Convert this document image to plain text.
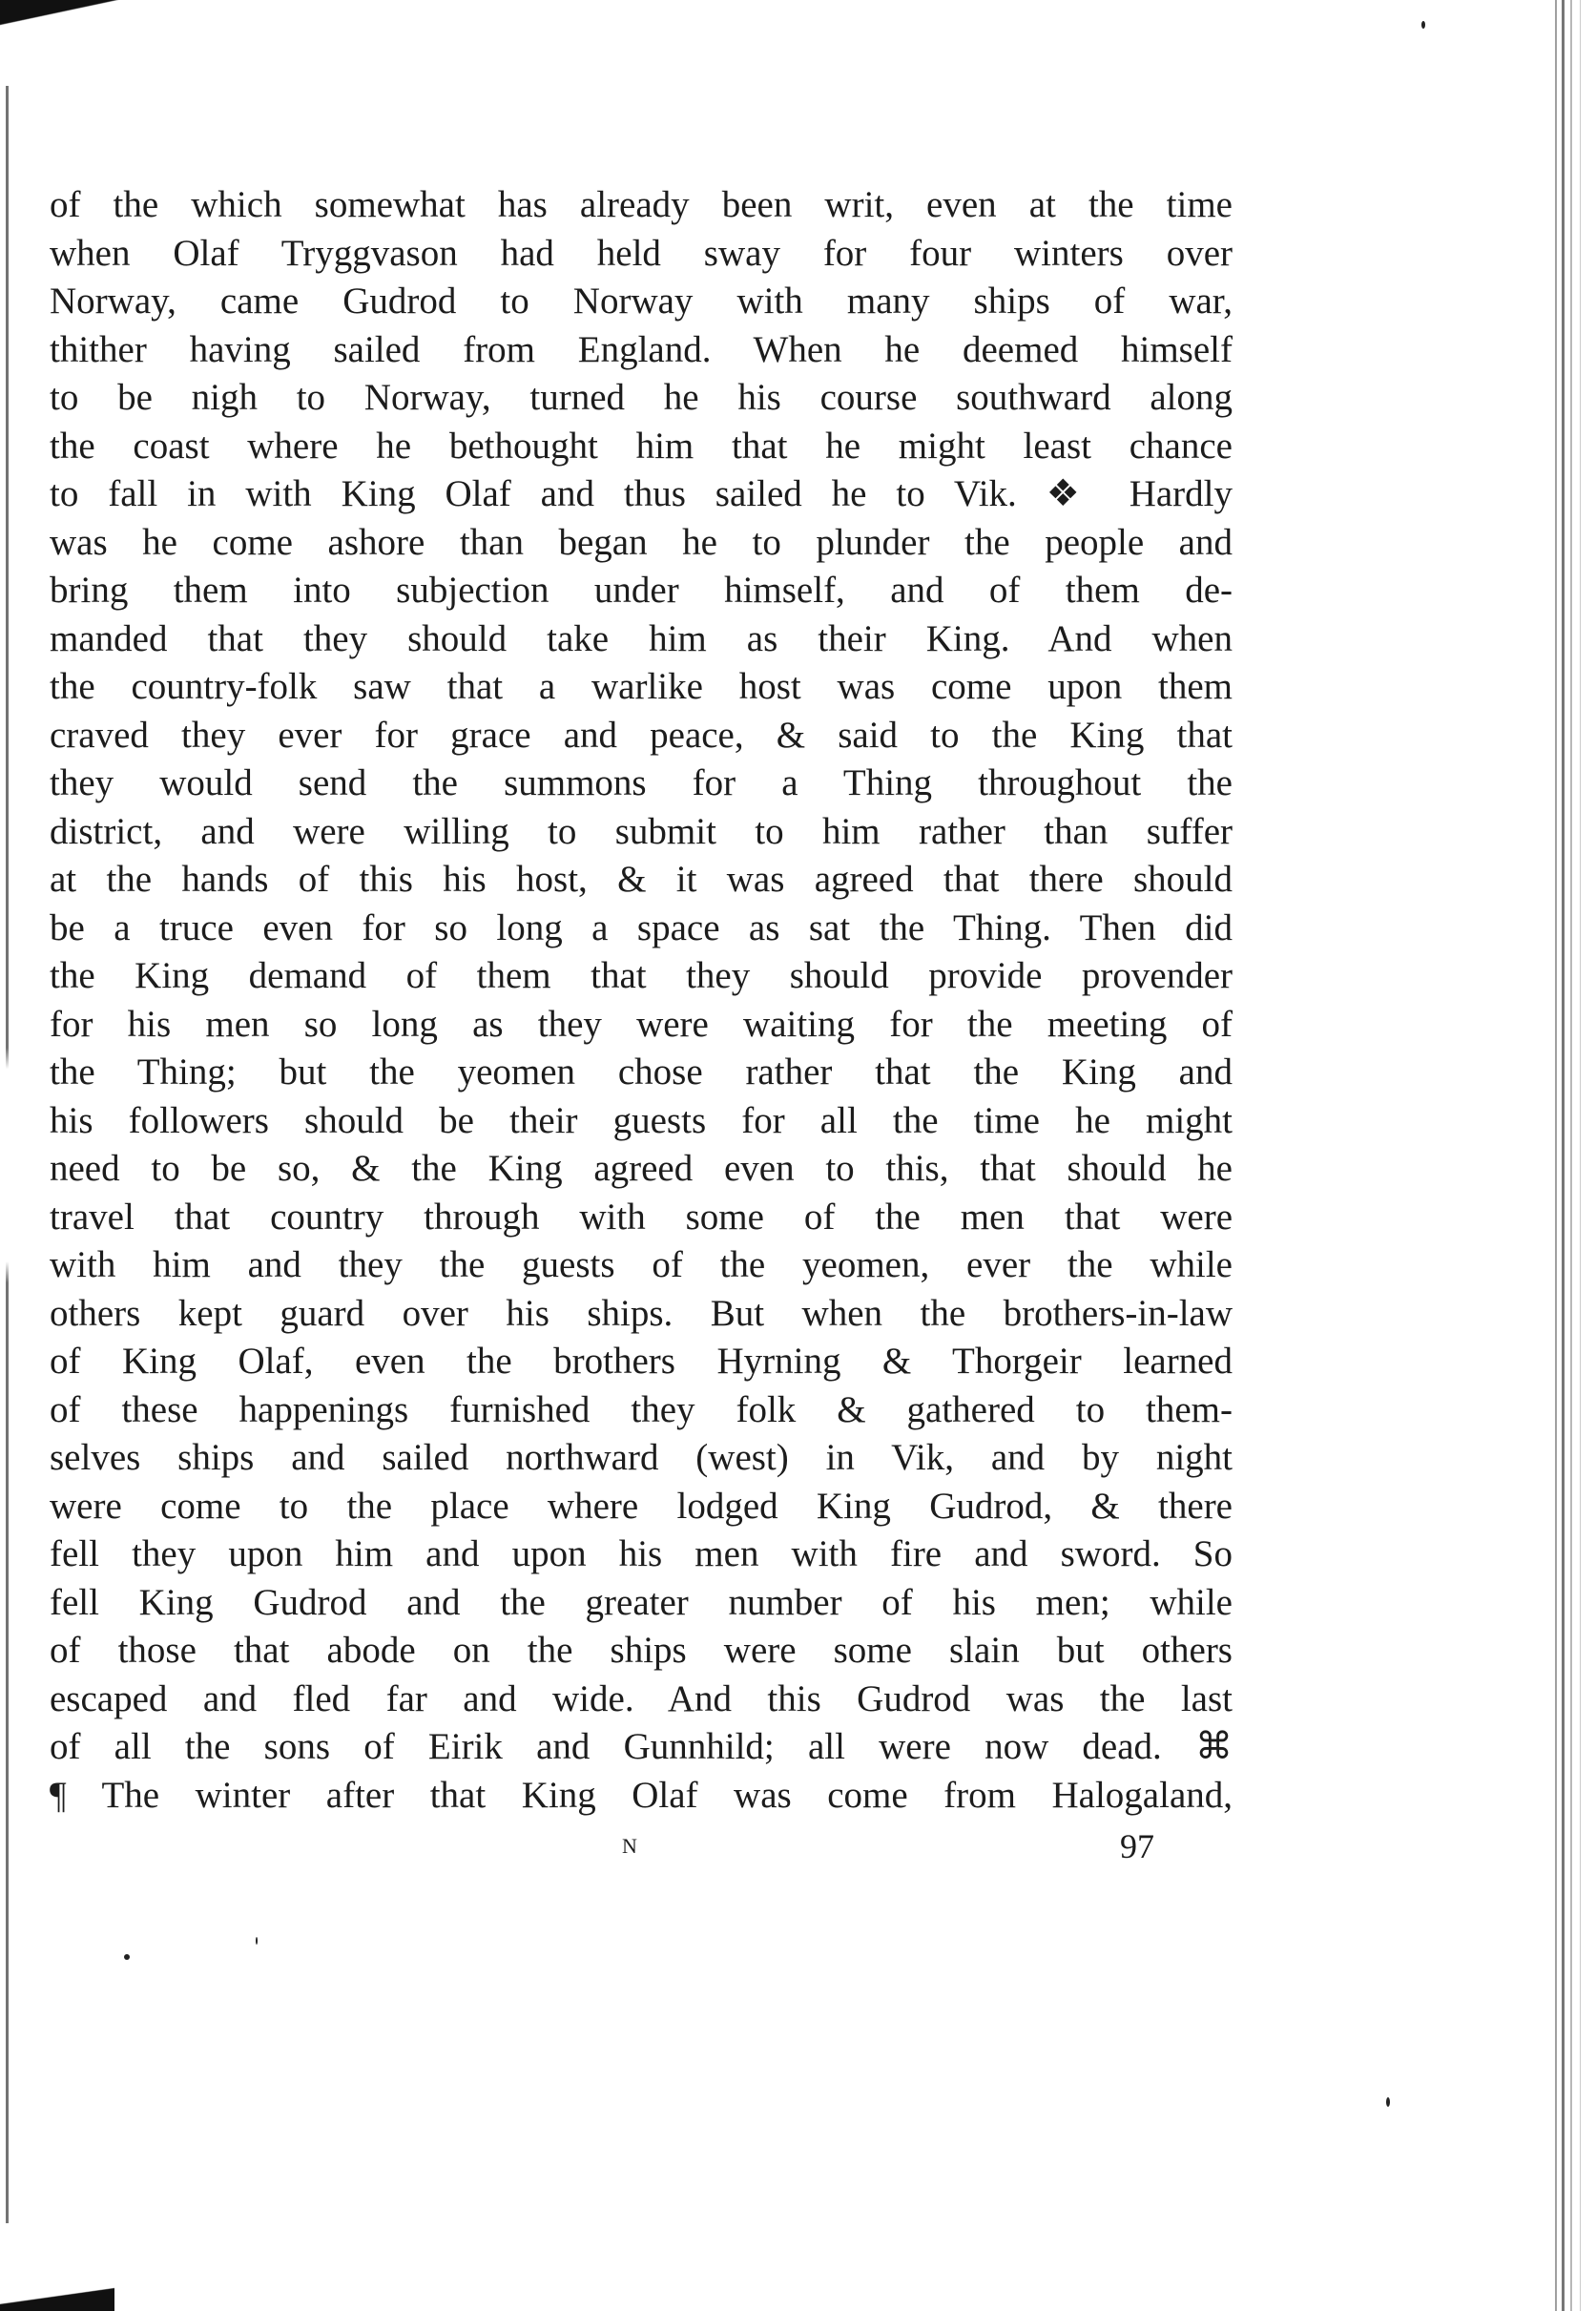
of the which somewhat has already been writ, even at the time
when Olaf Tryggvason had held sway for four winters over
Norway, came Gudrod to Norway with many ships of war,
thither having sailed from England. When he deemed himself
to be nigh to Norway, turned he his course southward along
the coast where he bethought him that he might least chance
to fall in with King Olaf and thus sailed he to Vik. ❖ Hardly
was he come ashore than began he to plunder the people and
bring them into subjection under himself, and of them de-
manded that they should take him as their King. And when
the country-folk saw that a warlike host was come upon them
craved they ever for grace and peace, & said to the King that
they would send the summons for a Thing throughout the
district, and were willing to submit to him rather than suffer
at the hands of this his host, & it was agreed that there should
be a truce even for so long a space as sat the Thing. Then did
the King demand of them that they should provide provender
for his men so long as they were waiting for the meeting of
the Thing; but the yeomen chose rather that the King and
his followers should be their guests for all the time he might
need to be so, & the King agreed even to this, that should he
travel that country through with some of the men that were
with him and they the guests of the yeomen, ever the while
others kept guard over his ships. But when the brothers-in-law
of King Olaf, even the brothers Hyrning & Thorgeir learned
of these happenings furnished they folk & gathered to them-
selves ships and sailed northward (west) in Vik, and by night
were come to the place where lodged King Gudrod, & there
fell they upon him and upon his men with fire and sword. So
fell King Gudrod and the greater number of his men; while
of those that abode on the ships were some slain but others
escaped and fled far and wide. And this Gudrod was the last
of all the sons of Eirik and Gunnhild; all were now dead. ⌘
¶ The winter after that King Olaf was come from Halogaland,
N	97
